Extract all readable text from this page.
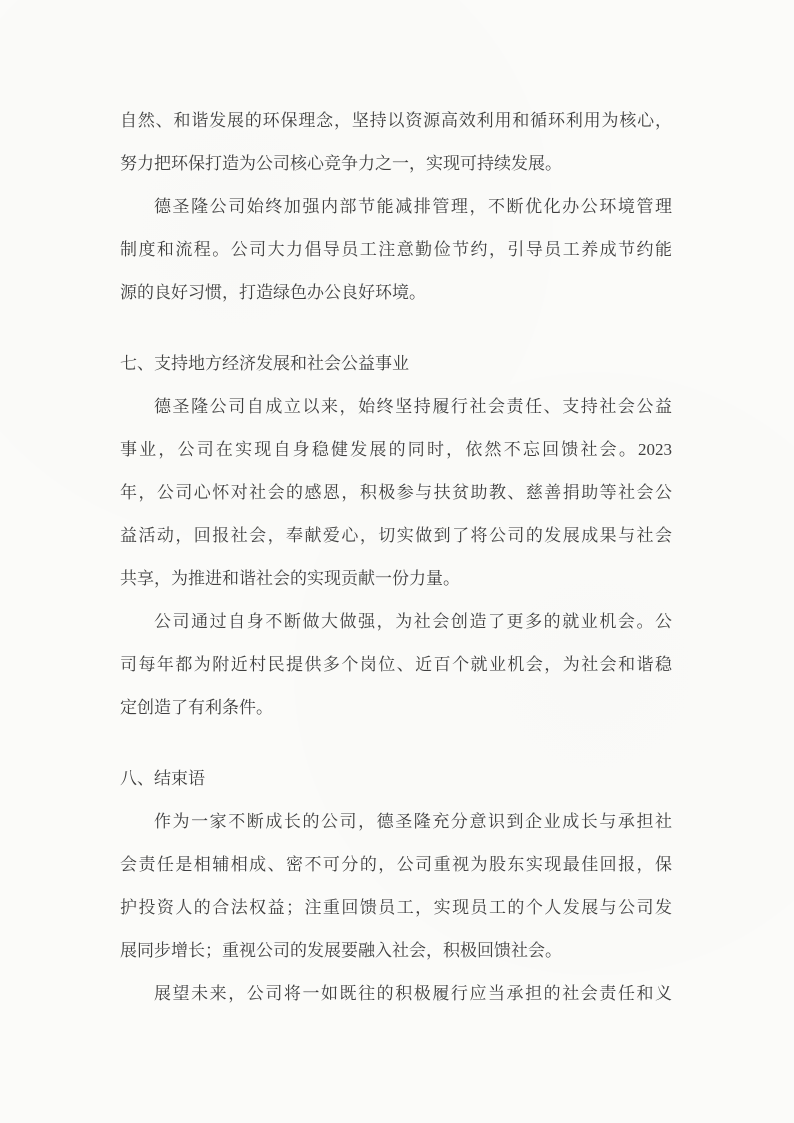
自然、和谐发展的环保理念，坚持以资源高效利用和循环利用为核心，
努力把环保打造为公司核心竞争力之一，实现可持续发展。
德圣隆公司始终加强内部节能减排管理，不断优化办公环境管理
制度和流程。公司大力倡导员工注意勤俭节约，引导员工养成节约能
源的良好习惯，打造绿色办公良好环境。
七、支持地方经济发展和社会公益事业
德圣隆公司自成立以来，始终坚持履行社会责任、支持社会公益
事业，公司在实现自身稳健发展的同时，依然不忘回馈社会。2023
年，公司心怀对社会的感恩，积极参与扶贫助教、慈善捐助等社会公
益活动，回报社会，奉献爱心，切实做到了将公司的发展成果与社会
共享，为推进和谐社会的实现贡献一份力量。
公司通过自身不断做大做强，为社会创造了更多的就业机会。公
司每年都为附近村民提供多个岗位、近百个就业机会，为社会和谐稳
定创造了有利条件。
八、结束语
作为一家不断成长的公司，德圣隆充分意识到企业成长与承担社
会责任是相辅相成、密不可分的，公司重视为股东实现最佳回报，保
护投资人的合法权益；注重回馈员工，实现员工的个人发展与公司发
展同步增长；重视公司的发展要融入社会，积极回馈社会。
展望未来，公司将一如既往的积极履行应当承担的社会责任和义
